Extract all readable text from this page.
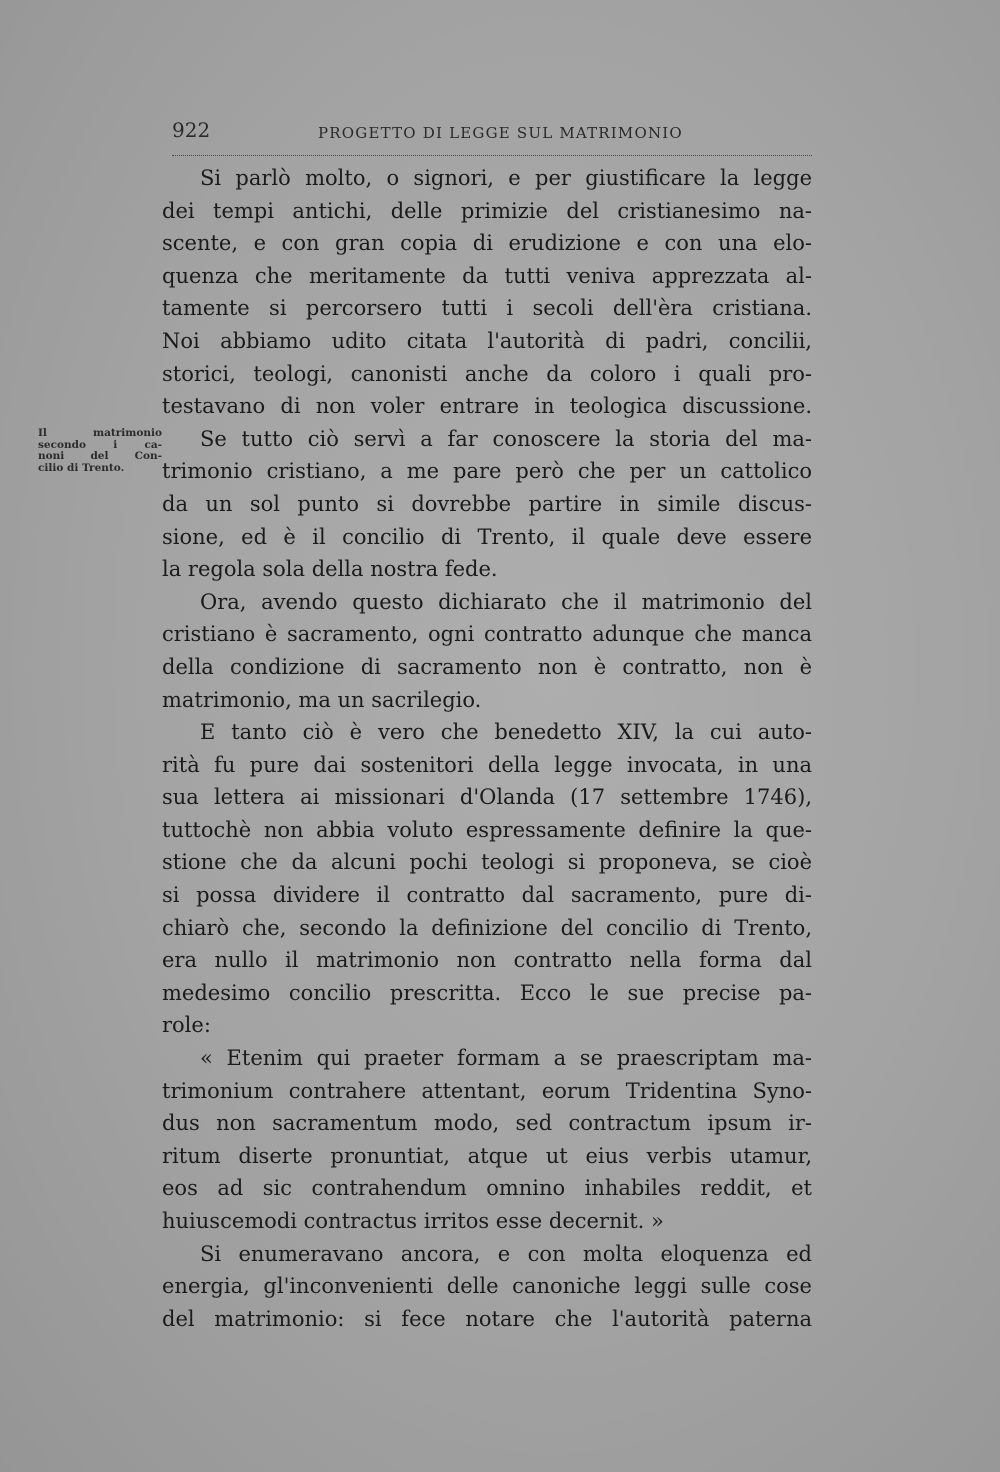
922	PROGETTO DI LEGGE SUL MATRIMONIO
Il matrimonio
secondo i ca-
noni del Con-
cilio di Trento.
Si parlò molto, o signori, e per giustificare la legge
dei tempi antichi, delle primizie del cristianesimo na-
scente, e con gran copia di erudizione e con una elo-
quenza che meritamente da tutti veniva apprezzata al-
tamente si percorsero tutti i secoli dell'èra cristiana.
Noi abbiamo udito citata l'autorità di padri, concilii,
storici, teologi, canonisti anche da coloro i quali pro-
testavano di non voler entrare in teologica discussione.
Se tutto ciò servì a far conoscere la storia del ma-
trimonio cristiano, a me pare però che per un cattolico
da un sol punto si dovrebbe partire in simile discus-
sione, ed è il concilio di Trento, il quale deve essere
la regola sola della nostra fede.
Ora, avendo questo dichiarato che il matrimonio del
cristiano è sacramento, ogni contratto adunque che manca
della condizione di sacramento non è contratto, non è
matrimonio, ma un sacrilegio.
E tanto ciò è vero che benedetto XIV, la cui auto-
rità fu pure dai sostenitori della legge invocata, in una
sua lettera ai missionari d'Olanda (17 settembre 1746),
tuttochè non abbia voluto espressamente definire la que-
stione che da alcuni pochi teologi si proponeva, se cioè
si possa dividere il contratto dal sacramento, pure di-
chiarò che, secondo la definizione del concilio di Trento,
era nullo il matrimonio non contratto nella forma dal
medesimo concilio prescritta. Ecco le sue precise pa-
role:
« Etenim qui praeter formam a se praescriptam ma-
trimonium contrahere attentant, eorum Tridentina Syno-
dus non sacramentum modo, sed contractum ipsum ir-
ritum diserte pronuntiat, atque ut eius verbis utamur,
eos ad sic contrahendum omnino inhabiles reddit, et
huiuscemodi contractus irritos esse decernit. »
Si enumeravano ancora, e con molta eloquenza ed
energia, gl'inconvenienti delle canoniche leggi sulle cose
del matrimonio: si fece notare che l'autorità paterna
